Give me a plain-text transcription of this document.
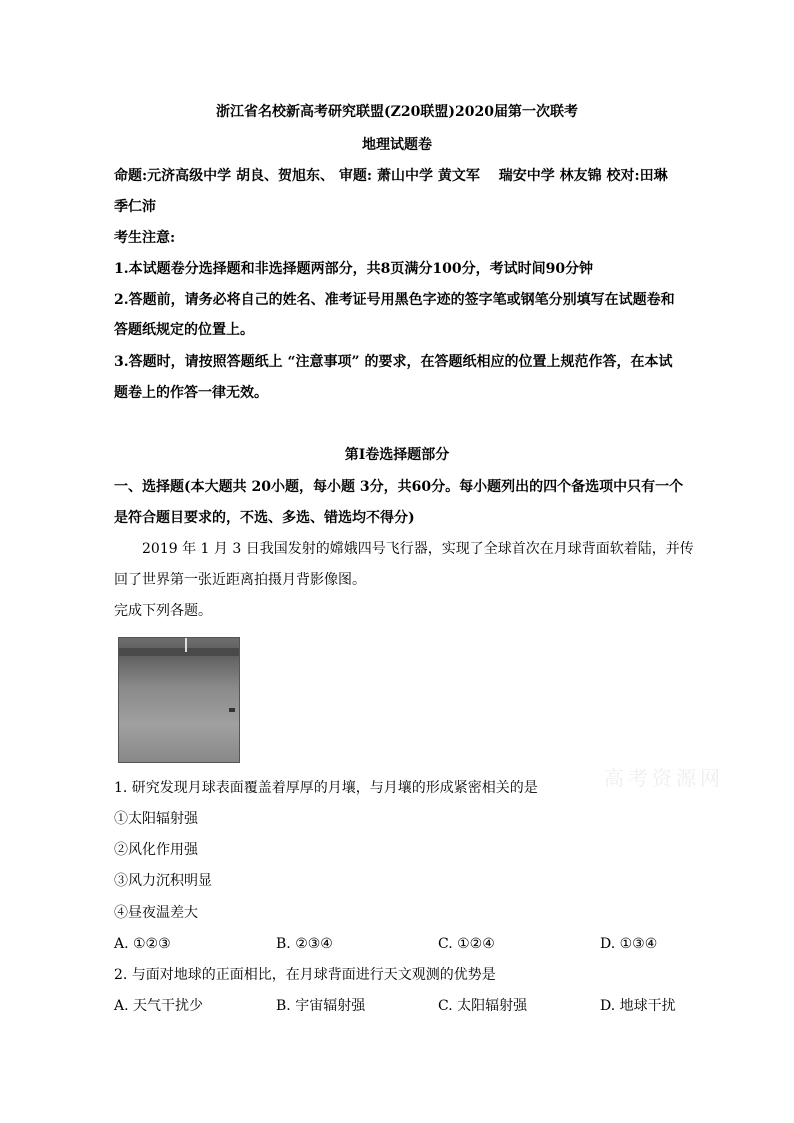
浙江省名校新高考研究联盟(Z20联盟)2020届第一次联考
地理试题卷
命题:元济高级中学 胡良、贺旭东、 审题: 萧山中学 黄文军 　瑞安中学 林友锦 校对:田琳
季仁沛
考生注意:
1.本试题卷分选择题和非选择题两部分，共8页满分100分，考试时间90分钟
2.答题前，请务必将自己的姓名、准考证号用黑色字迹的签字笔或钢笔分别填写在试题卷和
答题纸规定的位置上。
3.答题时，请按照答题纸上 “注意事项” 的要求，在答题纸相应的位置上规范作答，在本试
题卷上的作答一律无效。
第Ⅰ卷选择题部分
一、选择题(本大题共 20小题，每小题 3分，共60分。每小题列出的四个备选项中只有一个
是符合题目要求的，不选、多选、错选均不得分)
2019 年 1 月 3 日我国发射的嫦娥四号飞行器，实现了全球首次在月球背面软着陆，并传
回了世界第一张近距离拍摄月背影像图。
完成下列各题。
高考资源网
1. 研究发现月球表面覆盖着厚厚的月壤，与月壤的形成紧密相关的是
①太阳辐射强
②风化作用强
③风力沉积明显
④昼夜温差大
A. ①②③	B. ②③④	C. ①②④	D. ①③④
2. 与面对地球的正面相比，在月球背面进行天文观测的优势是
A. 天气干扰少	B. 宇宙辐射强	C. 太阳辐射强	D. 地球干扰
